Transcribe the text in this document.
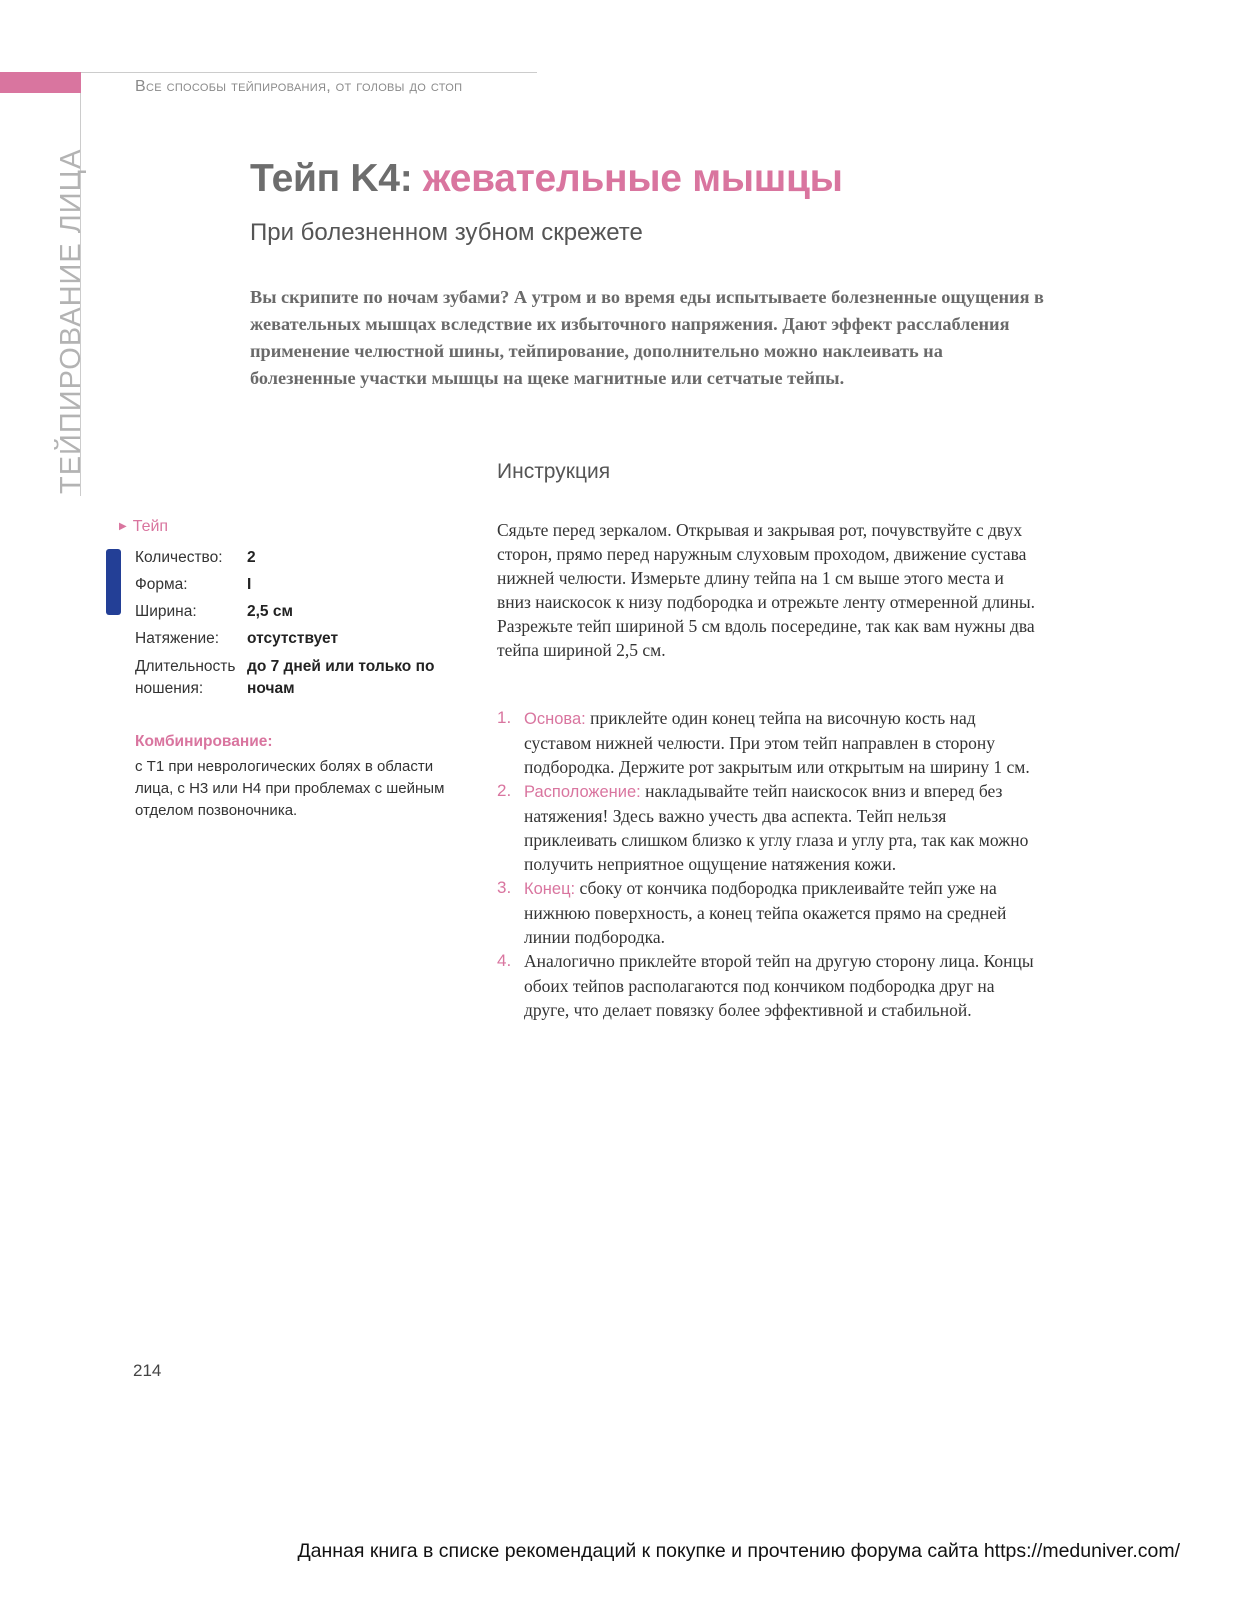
Все способы тейпирования, от головы до стоп
ТЕЙПИРОВАНИЕ ЛИЦА	Тейп K4: жевательные мышцы
При болезненном зубном скрежете

Вы скрипите по ночам зубами? А утром и во время еды испытываете болезненные ощущения в жевательных мышцах вследствие их избыточного напряжения. Дают эффект расслабления применение челюстной шины, тейпирование, дополнительно можно наклеивать на болезненные участки мышцы на щеке магнитные или сетчатые тейпы.

▶ Тейп
Количество:	2
Форма:	I
Ширина:	2,5 см
Натяжение:	отсутствует
Длительность ношения:
до 7 дней или только по ночам
Комбинирование:
с T1 при неврологических болях в области лица, с H3 или H4 при проблемах с шейным отделом позвоночника.
Инструкция

Сядьте перед зеркалом. Открывая и закрывая рот, почувствуйте с двух сторон, прямо перед наружным слуховым проходом, движение сустава нижней челюсти. Измерьте длину тейпа на 1 см выше этого места и вниз наискосок к низу подбородка и отрежьте ленту отмеренной длины. Разрежьте тейп шириной 5 см вдоль посередине, так как вам нужны два тейпа шириной 2,5 см.

1. Основа: приклейте один конец тейпа на височную кость над суставом нижней челюсти. При этом тейп направлен в сторону подбородка. Держите рот закрытым или открытым на ширину 1 см.
2. Расположение: накладывайте тейп наискосок вниз и вперед без натяжения! Здесь важно учесть два аспекта. Тейп нельзя приклеивать слишком близко к углу глаза и углу рта, так как можно получить неприятное ощущение натяжения кожи.
3. Конец: сбоку от кончика подбородка приклеивайте тейп уже на нижнюю поверхность, а конец тейпа окажется прямо на средней линии подбородка.
4. Аналогично приклейте второй тейп на другую сторону лица. Концы обоих тейпов располагаются под кончиком подбородка друг на друге, что делает повязку более эффективной и стабильной.
214
Данная книга в списке рекомендаций к покупке и прочтению форума сайта https://meduniver.com/
